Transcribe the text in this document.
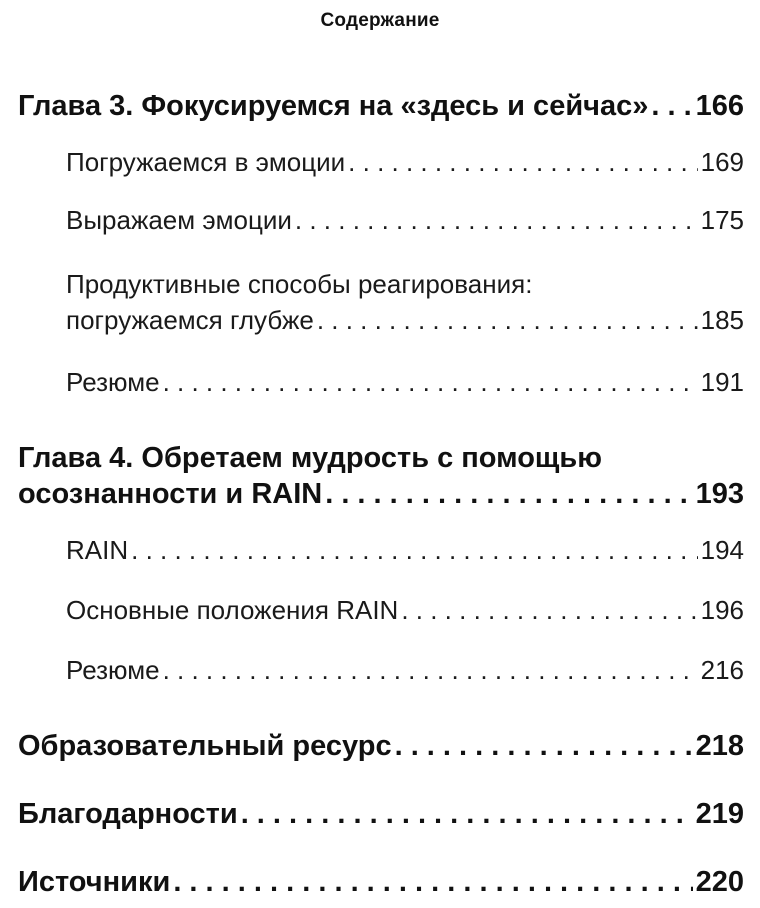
Содержание
Глава 3. Фокусируемся на «здесь и сейчас» . . . 166
Погружаемся в эмоции . . .	169
Выражаем эмоции . . .	175
Продуктивные способы реагирования:
погружаемся глубже . . .	185
Резюме . . .	191
Глава 4. Обретаем мудрость с помощью
осознанности и RAIN . . .	193
RAIN . . .	194
Основные положения RAIN . . .	196
Резюме . . .	216
Образовательный ресурс . . .	218
Благодарности . . .	219
Источники . . .	220
